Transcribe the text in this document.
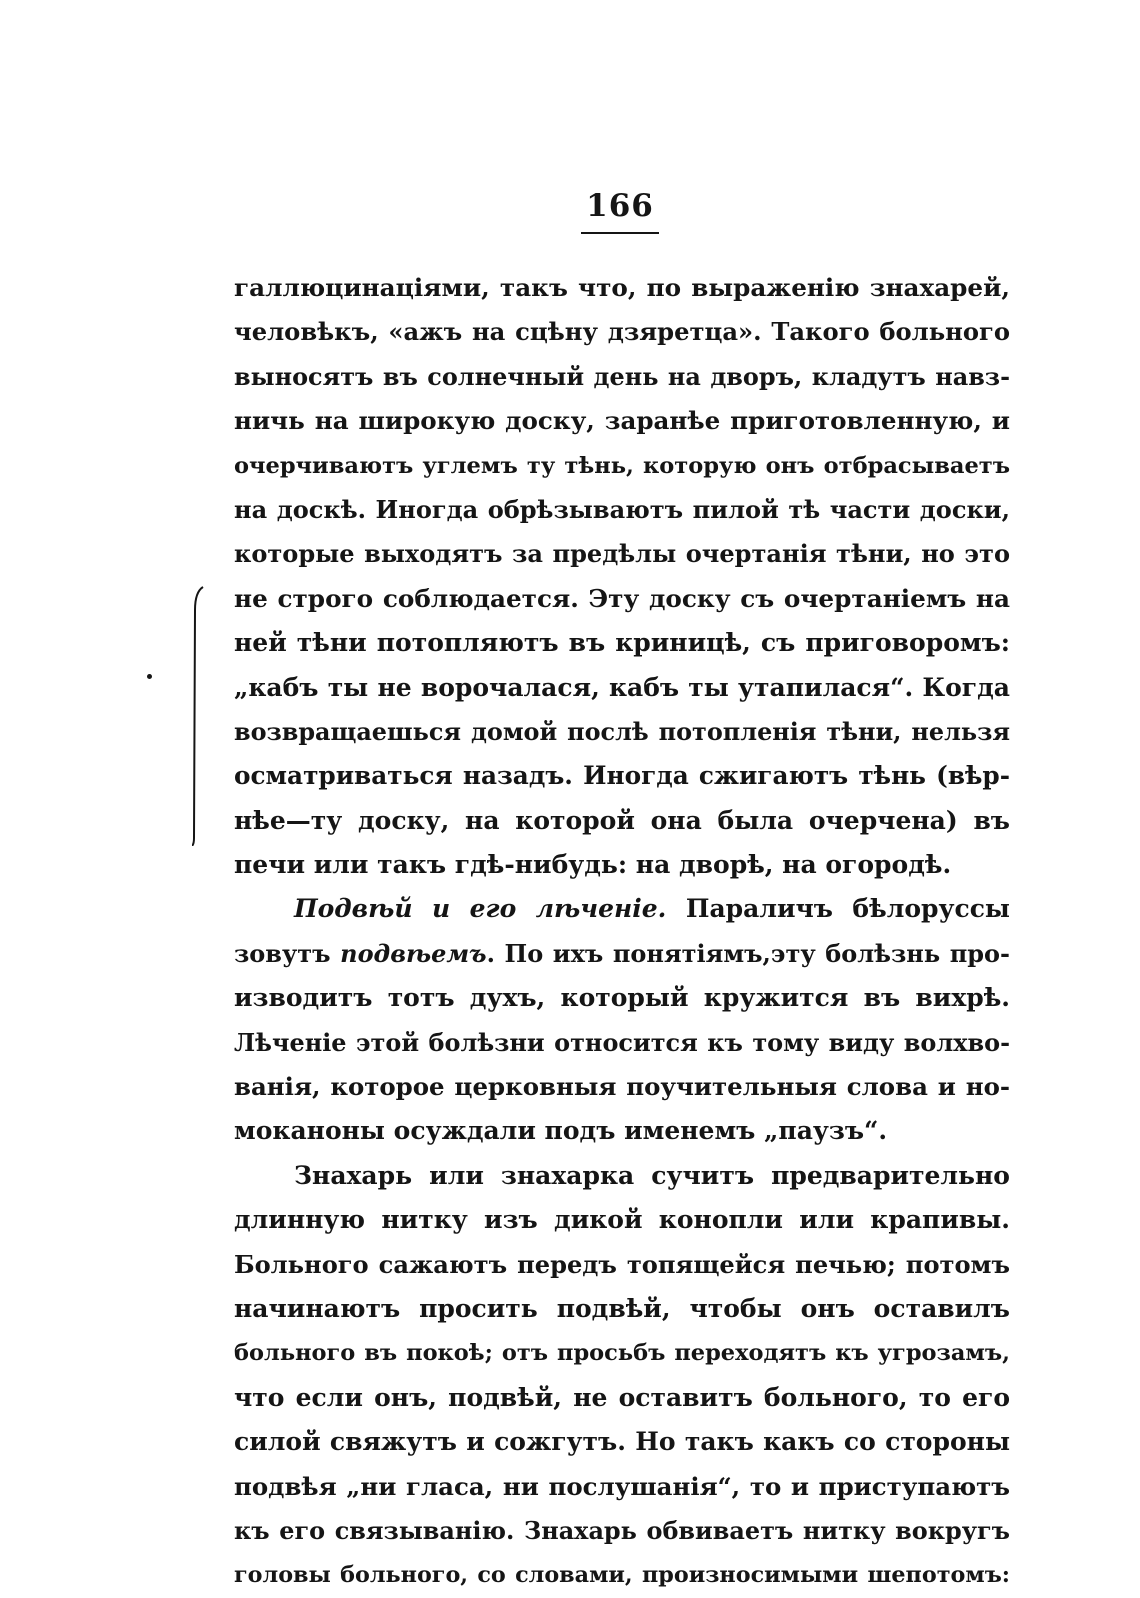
166
галлюцинаціями, такъ что, по выраженію знахарей,
человѣкъ, «ажъ на сцѣну дзяретца». Такого больного
выносятъ въ солнечный день на дворъ, кладутъ навз-
ничь на широкую доску, заранѣе приготовленную, и
очерчиваютъ углемъ ту тѣнь, которую онъ отбрасываетъ
на доскѣ. Иногда обрѣзываютъ пилой тѣ части доски,
которые выходятъ за предѣлы очертанія тѣни, но это
не строго соблюдается. Эту доску съ очертаніемъ на
ней тѣни потопляютъ въ криницѣ, съ приговоромъ:
„кабъ ты не ворочалася, кабъ ты утапилася“. Когда
возвращаешься домой послѣ потопленія тѣни, нельзя
осматриваться назадъ. Иногда сжигаютъ тѣнь (вѣр-
нѣе—ту доску, на которой она была очерчена) въ
печи или такъ гдѣ-нибудь: на дворѣ, на огородѣ.
Подвѣй и его лѣченіе. Параличъ бѣлоруссы
зовутъ подвѣемъ. По ихъ понятіямъ,эту болѣзнь про-
изводитъ тотъ духъ, который кружится въ вихрѣ.
Лѣченіе этой болѣзни относится къ тому виду волхво-
ванія, которое церковныя поучительныя слова и но-
моканоны осуждали подъ именемъ „паузъ“.
Знахарь или знахарка сучитъ предварительно
длинную нитку изъ дикой конопли или крапивы.
Больного сажаютъ передъ топящейся печью; потомъ
начинаютъ просить подвѣй, чтобы онъ оставилъ
больного въ покоѣ; отъ просьбъ переходятъ къ угрозамъ,
что если онъ, подвѣй, не оставитъ больного, то его
силой свяжутъ и сожгутъ. Но такъ какъ со стороны
подвѣя „ни гласа, ни послушанія“, то и приступаютъ
къ его связыванію. Знахарь обвиваетъ нитку вокругъ
головы больного, со словами, произносимыми шепотомъ:
